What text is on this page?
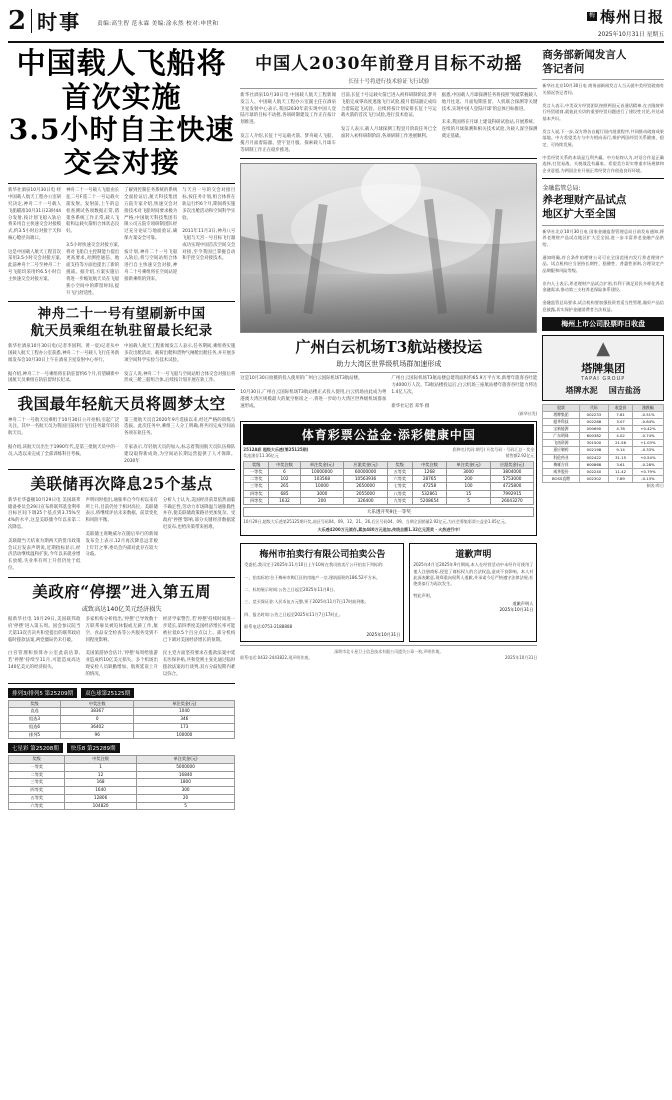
2 时事	责编:高生智 范永霖 美编:涂永然 校对:申世和
梅 梅州日报
2025年10月31日 星期五
中国载人飞船将首次实施
3.5小时自主快速交会对接
新华社酒泉10月30日电 经中国载人航天工程办公室研究决定,神舟二十一号载人飞船瞄准10月31日23时44分发射,按计划飞船入轨后将采用自主快速交会对接模式,约3.5小时后对接于天和核心舱径向端口。

这是中国载人航天工程首次采用3.5小时交会对接方案,此前神舟十二号至神舟二十号飞船均采用约6.5小时自主快速交会对接方案。
神舟二十一号载人飞船由长征二号F遥二十一号运载火箭发射。发射前,上午的总检查测试各项数据正常,塔架各系统工作正常,载人飞船和运载火箭组合体状态良好。

3.5小时快速交会对接方案,将对飞船自主控制能力提出更高要求,对测控通信、地面支持等方面也提出了新的挑战。据介绍,方案实施后将进一步缩短航天员在飞船狭小空间中的滞留时间,提升飞行舒适性。
了解到控制任务系统的系统全面验证后,航天科技集团五院专家介绍,快速交会对接技术对飞船时间要求极为严格,中国航天科技集团有限公司五院专项研制团队经过充分论证与地面验证,确保方案安全可靠。

按计划,神舟二十一号飞船入轨后,将与空间站组合体进行自主快速交会对接,神舟二十号乘组将在空间站迎接新乘组的到来。
与天宫一号的交会对接目标,按任务计划,组合体将在轨运行约6个月,期间将实施多次出舱活动和空间科学实验。

2011年11月3日,神舟八号飞船与天宫一号目标飞行器成功实现中国首次空间交会对接,至今我国已掌握自动和手控交会对接技术。
神舟二十一号有望刷新中国
航天员乘组在轨驻留最长纪录
新华社酒泉10月30日电(记者李国利、黄一宸)记者从中国载人航天工程办公室获悉,神舟二十一号载人飞行任务新闻发布会10月30日上午在酒泉卫星发射中心举行。

据介绍,神舟二十一号乘组将在轨驻留约6个月,有望刷新中国航天员乘组在轨驻留时长纪录。
中国载人航天工程新闻发言人表示,任务期间,乘组将实施多次出舱活动、载荷出舱和货物气闸舱出舱任务,并开展多项空间科学实验与技术试验。

发言人说,神舟二十一号飞船与空间站组合体交会对接后将形成三舱三船组合体,后续按计划开展在轨工作。
我国最年轻航天员将圆梦太空
神舟二十一号航天员乘组于10月30日公开亮相,引起广泛关注。其中一名航天员为我国目前执行飞行任务最年轻的航天员。

据介绍,该航天员出生于1990年代,是第三批航天员中的一员,入选以来完成了全部训练科目考核。
第三批航天员自2020年9月选拔以来,经过严格的训练与选拔。此次任务中,乘组三人分工明确,将共同完成空间站各项在轨任务。

专家表示,年轻航天员的加入,标志着我国航天员队伍梯队建设取得新成效,为空间站长期运营提供了人才保障。2030年
美联储再次降息25个基点
新华社华盛顿10月29日电 美国联邦储备委员会29日宣布将联邦基金利率目标区间下调25个基点到3.75%至4%的水平,这是美联储今年以来第二次降息。

美联储当天结束为期两天的货币政策会议后发表声明说,近期指标显示,经济活动继续温和扩张,今年以来就业增长放缓,失业率有所上升但仍处于低位。
声明同时指出,通胀率自今年初以来有所上升,目前仍处于相对高位。美联储表示,将继续评估未来数据、前景变化和风险平衡。

美联储主席鲍威尔在随后举行的新闻发布会上表示,12月再次降息远非板上钉钉之事,委员会内部对此存在较大分歧。
分析人士认为,美国经济前景依然面临不确定性,劳动力市场降温与通胀黏性并存,使美联储政策路径更加复杂。受政府'停摆'影响,部分关键经济数据延迟发布,也给决策带来困难。
美政府“停摆”进入第五周
或致高达140亿美元经济损失
据新华社电 10月29日,美国联邦政府'停摆'进入第五周。国会参议院当天第13次否决共和党提出的联邦政府临时拨款法案,两党僵局仍未打破。

白宫管理和预算办公室此前估算,若'停摆'持续至11月,可能造成高达140亿美元的经济损失。
多家机构分析指出,'停摆'已导致数十万联邦雇员被迫休假或无薪工作,航空、食品安全检查等公共服务受到不同程度影响。

美国旅游协会估计,'停摆'每周给旅游业造成约10亿美元损失。多个机场出现安检人员缺勤增加、航班延误上升的情况。
经济学家警告,若'停摆'持续时间进一步延长,第四季度美国经济增长率可能被拉低0.5个百分点以上。部分机构已下调对美国经济增长的预期。

民主党方面坚持要求在拨款法案中延长医保补贴,共和党则主张先通过临时拨款法案再行谈判,双方分歧短期内难以弥合。
排列3/排列5 第25209期	双色球第25125期
奖级	中奖注数	单注奖金(元)
直选	38367	1040
组选3	0	346
组选6	36402	173
排列5	96	100000
七星彩 第25208期	快乐8 第25289期
奖级	中奖注数	单注奖金(元)
一等奖	1	5000000
二等奖	12	16840
三等奖	168	1800
四等奖	1640	300
五等奖	12806	20
六等奖	104820	5
中国人2030年前登月目标不动摇
长征十号将进行技术验证飞行试验
新华社酒泉10月30日电 中国载人航天工程新闻发言人、中国载人航天工程办公室副主任在酒泉卫星发射中心表示,我国2030年前实现中国人登陆月球的目标不动摇,各项研制建设工作正在按计划推进。

发言人介绍,长征十号运载火箭、梦舟载人飞船、揽月月面着陆器、望宇登月服、探索载人月球车等研制工作正在稳步推进。
目前,长征十号运载火箭已进入初样研制阶段,梦舟飞船完成零高度逃逸飞行试验,揽月着陆器完成综合着陆起飞试验。后续将按计划安排长征十号运载火箭的首次飞行试验,进行技术验证。

发言人表示,载人月球探测工程登月阶段任务已全面转入初样研制阶段,各项研制工作进展顺利。
据悉,中国载人月球探测任务将按照'突破掌握载人地月往返、月面短期驻留、人机联合探测等关键技术,实现中国人登陆月球'的总体目标推进。

未来,我国将在月球上建设科研试验站,开展系统、连续的月球探测和相关技术试验,为载人深空探测奠定基础。
广州白云机场T3航站楼投运
助力大湾区世界级机场群加速形成
这是10月30日拍摄的投入使用的广州白云国际机场T3航站楼。

10月30日,广州白云国际机场T3航站楼正式投入使用,白云机场由此成为粤港澳大湾区规模最大的航空枢纽之一,将进一步助力大湾区世界级机场群加速形成。
广州白云国际机场T3航站楼总建筑面积约65.9万平方米,新增年旅客吞吐能力4000万人次。T3航站楼投运后,白云机场三座航站楼年旅客吞吐能力将达1.4亿人次。

新华社记者 邓华 摄
(新华社发)
体育彩票公益金·添彩健康中国
2512A彩 超级大乐透(第25125期)	彩种名(代码:期号) 开奖号码 - 号码汇总 - 奖金
奖池滚存11.36亿元	销售额2.92亿元
奖级	中奖注数	单注奖金(元)	应派奖金(元)	奖级	中奖注数	单注奖金(元)	应派奖金(元)
一等奖	6	10000000	60000000	五等奖	1268	3000	3804000
二等奖	102	103568	10563936	六等奖	28765	200	5753000
三等奖	265	10000	2650000	七等奖	47258	100	4725800
四等奖	685	3000	2055000	八等奖	532861	15	7992915
四等奖	1632	200	326400	九等奖	5208654	5	26043270
大乐透开奖9注一等奖
10月29日,超级大乐透第25125期开奖,前区号码04、09、12、21、26,后区号码04、09。当期全国销量2.92亿元,为社会筹集彩票公益金1.05亿元。
大乐透4200万元滚存,累加480万元追加,传统总额1.32亿元派奖 · 火热进行中!
梅州市拍卖行有限公司拍卖公告
受委托,我司定于2025年11月10日上午10时在我司拍卖厅公开拍卖下列标的:

一、拍卖标的:位于梅州市梅江区的房地产一宗,建筑面积约186.52平方米。

二、标的展示时间:公告之日起至2025年11月8日。

三、竞买保证金:人民币伍万元整,须于2025年11月7日17时前到账。

四、报名时间:公告之日起至2025年11月7日17时止。

联系电话:0753-2188888
2025年10月31日
道歉声明
2025年4月至2025年9月期间,本人在经营活动中未经许可使用了他人注册商标,侵犯了商标权人的合法权益,造成不良影响。本人对此深表歉意,现郑重向权利人道歉,并承诺今后严格遵守法律法规,杜绝类似行为再次发生。

特此声明。
道歉声明人
2025年10月31日
深圳市北斗星卫士信息技术有限公司遗失公章一枚,声明作废。
联系电话:0432-2443822,现声明作废。	2025年10月31日
商务部新闻发言人
答记者问
新华社北京10月30日电 商务部新闻发言人当天就中美经贸磋商有关情况答记者问。

发言人表示,中美双方经贸团队按照两国元首通话精神,在吉隆坡举行经贸磋商,就彼此关切的重要经贸问题进行了建设性讨论,并达成基本共识。

发言人说,下一步,双方将各自履行国内批准程序,共同推动磋商成果落地。中方希望美方与中方相向而行,维护两国经贸关系健康、稳定、可持续发展。

中美经贸关系的本质是互利共赢。中方始终认为,对话合作是正确选择,打贸易战、关税战没有赢家。希望美方切实尊重市场规律和企业意愿,为两国企业开展正常经贸合作创造良好环境。
金融监管总局:
养老理财产品试点
地区扩大至全国
新华社北京10月30日电 国家金融监督管理总局日前发布通知,将养老理财产品试点地区扩大至全国,进一步丰富养老金融产品供给。

通知明确,符合条件的理财公司可在全国范围内发行养老理财产品。试点机构应当坚持长期性、稳健性、普惠性原则,合理设定产品期限和风险等级。

业内人士表示,养老理财产品试点扩围,有利于满足居民多样化养老金融需求,推动第三支柱养老保险体系建设。

金融监管总局要求,试点机构要加强投资者适当性管理,做好产品信息披露,切实保护金融消费者合法权益。
梅州上市公司股票昨日收盘
▲
塔牌集团
TAPAI GROUP
塔牌水泥 国吉盐汤
股票	代码	收盘价	涨跌幅
塔牌集团	002233	7.81	-0.51%
超华科技	002288	3.07	-0.64%
宝新能源	000690	4.78	+0.42%
广东明珠	600382	4.02	-0.74%
飞南资源	301500	21.56	+1.03%
嘉应制药	002198	9.14	-0.33%
科伦药业	002422	31.15	+0.54%
梅雁吉祥	600868	3.61	-0.28%
威华股份	002240	11.42	+0.79%
BOSS直聘	002302	7.89	-0.13%
制表:昨日
